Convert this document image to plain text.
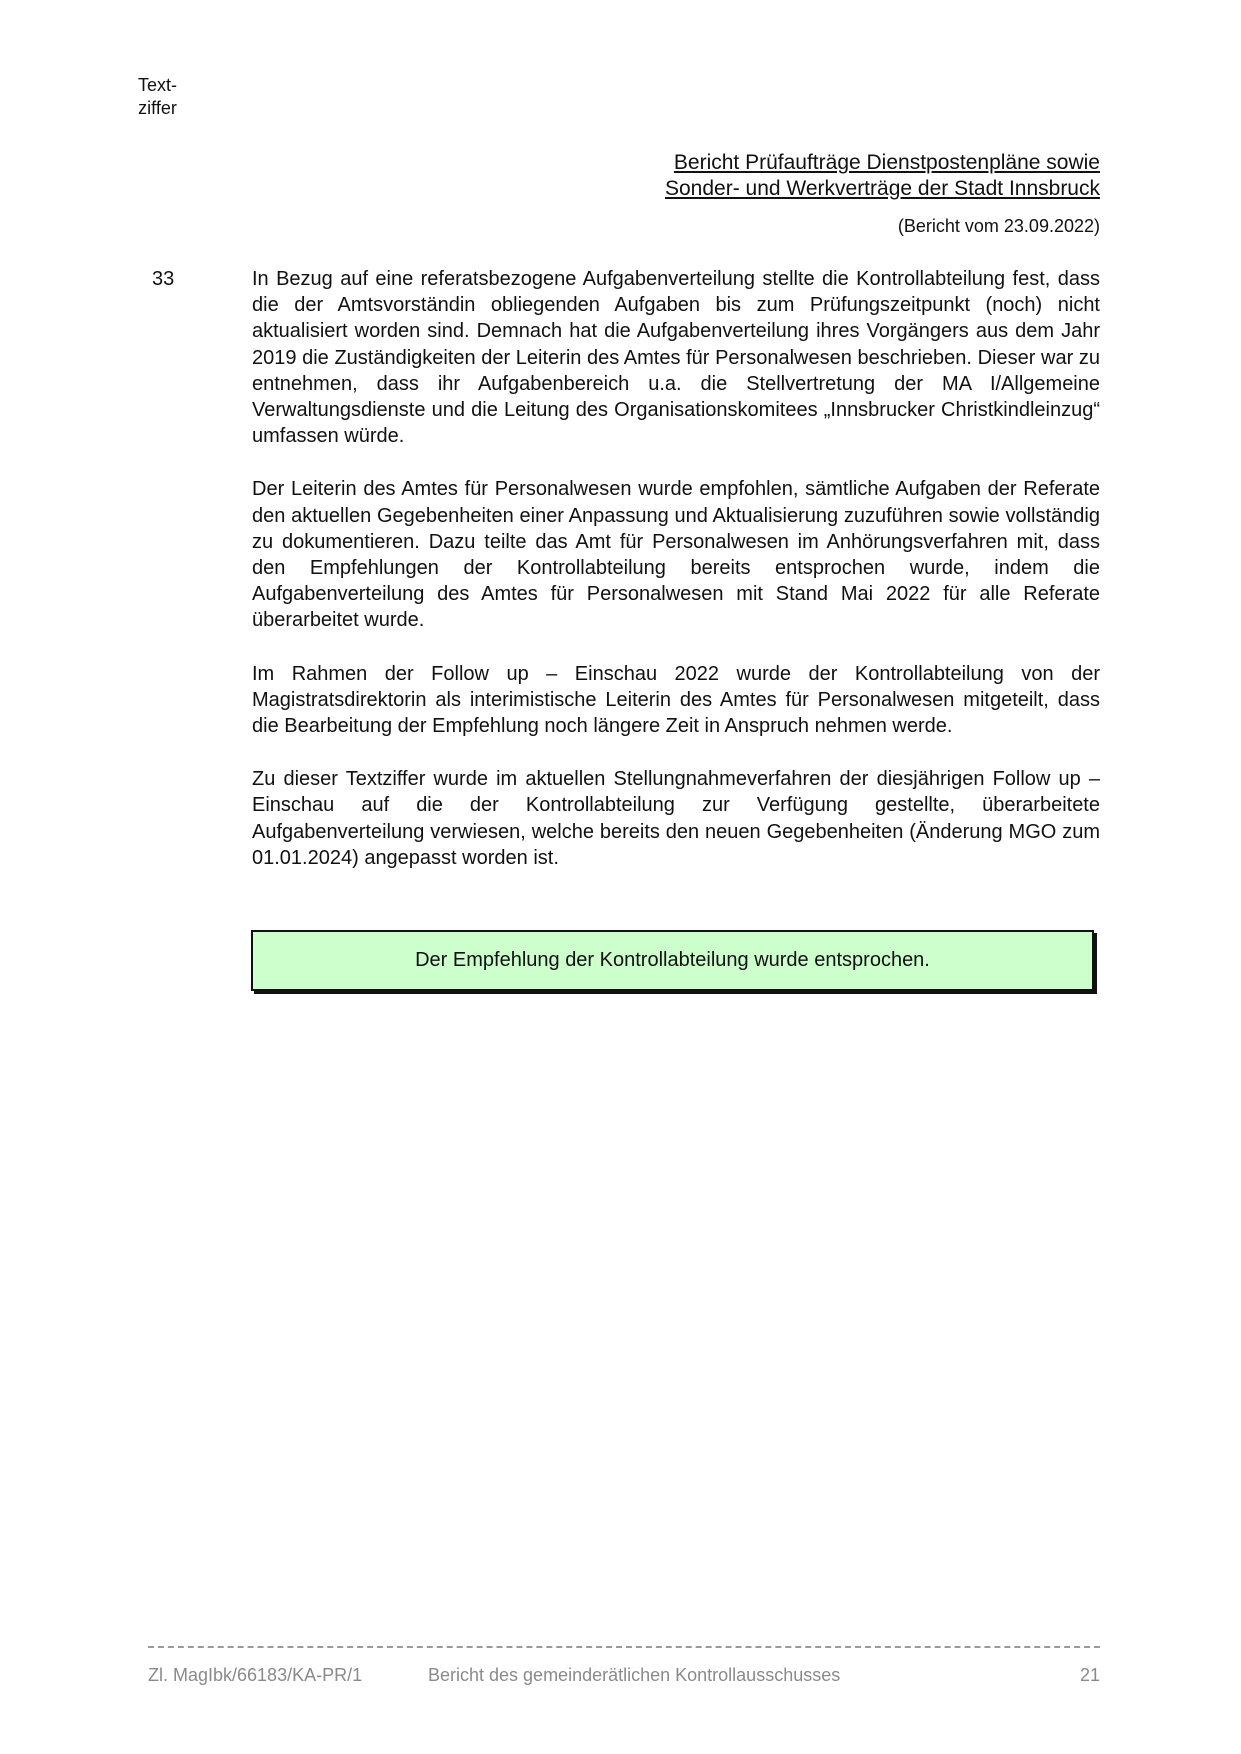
Text-
ziffer
Bericht Prüfaufträge Dienstpostenpläne sowie
Sonder- und Werkverträge der Stadt Innsbruck
(Bericht vom 23.09.2022)
33	In Bezug auf eine referatsbezogene Aufgabenverteilung stellte die Kontrollabteilung fest, dass die der Amtsvorständin obliegenden Aufgaben bis zum Prüfungszeitpunkt (noch) nicht aktualisiert worden sind. Demnach hat die Aufgabenverteilung ihres Vorgängers aus dem Jahr 2019 die Zuständigkeiten der Leiterin des Amtes für Personalwesen beschrieben. Dieser war zu entnehmen, dass ihr Aufgabenbereich u.a. die Stellvertretung der MA I/Allgemeine Verwaltungsdienste und die Leitung des Organisationskomitees „Innsbrucker Christkindleinzug“ umfassen würde.

Der Leiterin des Amtes für Personalwesen wurde empfohlen, sämtliche Aufgaben der Referate den aktuellen Gegebenheiten einer Anpassung und Aktualisierung zuzuführen sowie vollständig zu dokumentieren. Dazu teilte das Amt für Personalwesen im Anhörungsverfahren mit, dass den Empfehlungen der Kontrollabteilung bereits entsprochen wurde, indem die Aufgabenverteilung des Amtes für Personalwesen mit Stand Mai 2022 für alle Referate überarbeitet wurde.

Im Rahmen der Follow up – Einschau 2022 wurde der Kontrollabteilung von der Magistratsdirektorin als interimistische Leiterin des Amtes für Personalwesen mitgeteilt, dass die Bearbeitung der Empfehlung noch längere Zeit in Anspruch nehmen werde.

Zu dieser Textziffer wurde im aktuellen Stellungnahmeverfahren der diesjährigen Follow up – Einschau auf die der Kontrollabteilung zur Verfügung gestellte, überarbeitete Aufgabenverteilung verwiesen, welche bereits den neuen Gegebenheiten (Änderung MGO zum 01.01.2024) angepasst worden ist.

Der Empfehlung der Kontrollabteilung wurde entsprochen.
Zl. MagIbk/66183/KA-PR/1	Bericht des gemeinderätlichen Kontrollausschusses	21
